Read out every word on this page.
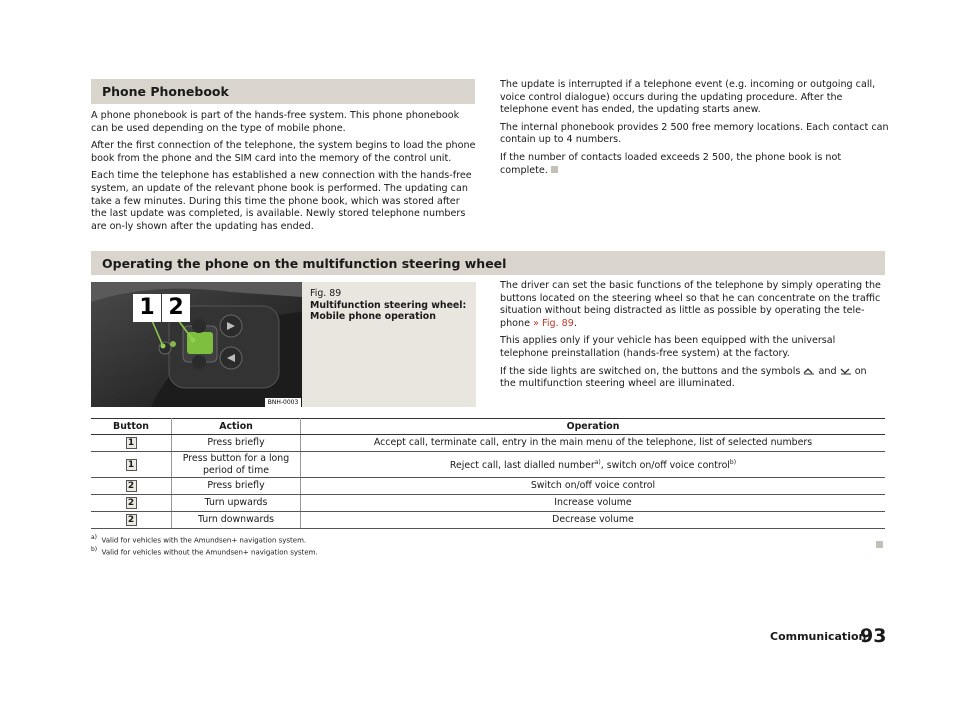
Phone Phonebook

A phone phonebook is part of the hands-free system. This phone phonebook can be used depending on the type of mobile phone.

After the first connection of the telephone, the system begins to load the phone book from the phone and the SIM card into the memory of the control unit.

Each time the telephone has established a new connection with the hands-free system, an update of the relevant phone book is performed. The updating can take a few minutes. During this time the phone book, which was stored after the last update was completed, is available. Newly stored telephone numbers are on-ly shown after the updating has ended.

The update is interrupted if a telephone event (e.g. incoming or outgoing call, voice control dialogue) occurs during the updating procedure. After the telephone event has ended, the updating starts anew.

The internal phonebook provides 2 500 free memory locations. Each contact can contain up to 4 numbers.

If the number of contacts loaded exceeds 2 500, the phone book is not complete.

Operating the phone on the multifunction steering wheel
1 2
BNH-0003
Fig. 89
Multifunction steering wheel: Mobile phone operation

The driver can set the basic functions of the telephone by simply operating the buttons located on the steering wheel so that he can concentrate on the traffic situation without being distracted as little as possible by operating the tele-phone » Fig. 89.

This applies only if your vehicle has been equipped with the universal telephone preinstallation (hands-free system) at the factory.

If the side lights are switched on, the buttons and the symbols and on the multifunction steering wheel are illuminated.

Button	Action	Operation
1	Press briefly	Accept call, terminate call, entry in the main menu of the telephone, list of selected numbers
1	Press button for a long period of time	Reject call, last dialled number$^{a)}$, switch on/off voice control$^{b)}$
2	Press briefly	Switch on/off voice control
2	Turn upwards	Increase volume
2	Turn downwards	Decrease volume
$^{a)}$ Valid for vehicles with the Amundsen+ navigation system.
$^{b)}$ Valid for vehicles without the Amundsen+ navigation system.
Communication
93
